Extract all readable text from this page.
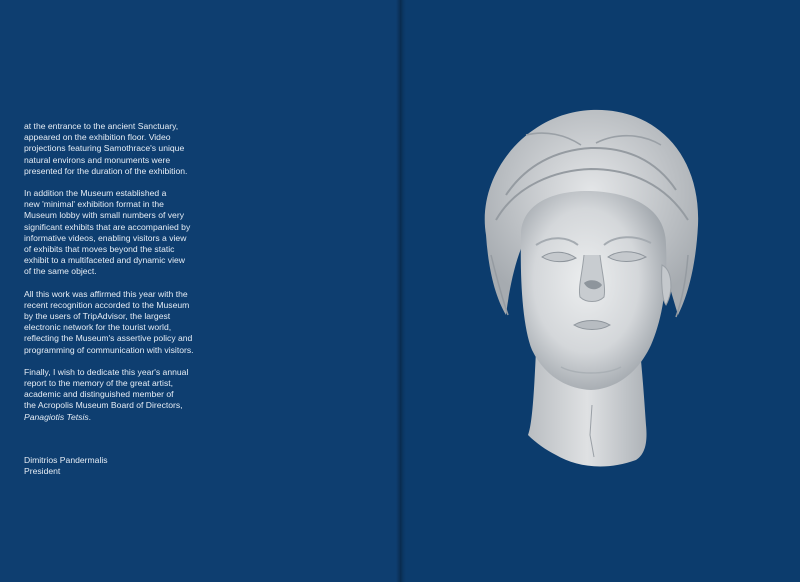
at the entrance to the ancient Sanctuary,
appeared on the exhibition floor. Video
projections featuring Samothrace's unique
natural environs and monuments were
presented for the duration of the exhibition.

In addition the Museum established a
new 'minimal' exhibition format in the
Museum lobby with small numbers of very
significant exhibits that are accompanied by
informative videos, enabling visitors a view
of exhibits that moves beyond the static
exhibit to a multifaceted and dynamic view
of the same object.

All this work was affirmed this year with the
recent recognition accorded to the Museum
by the users of TripAdvisor, the largest
electronic network for the tourist world,
reflecting the Museum's assertive policy and
programming of communication with visitors.

Finally, I wish to dedicate this year's annual
report to the memory of the great artist,
academic and distinguished member of
the Acropolis Museum Board of Directors,
Panagiotis Tetsis.

Dimitrios Pandermalis
President
